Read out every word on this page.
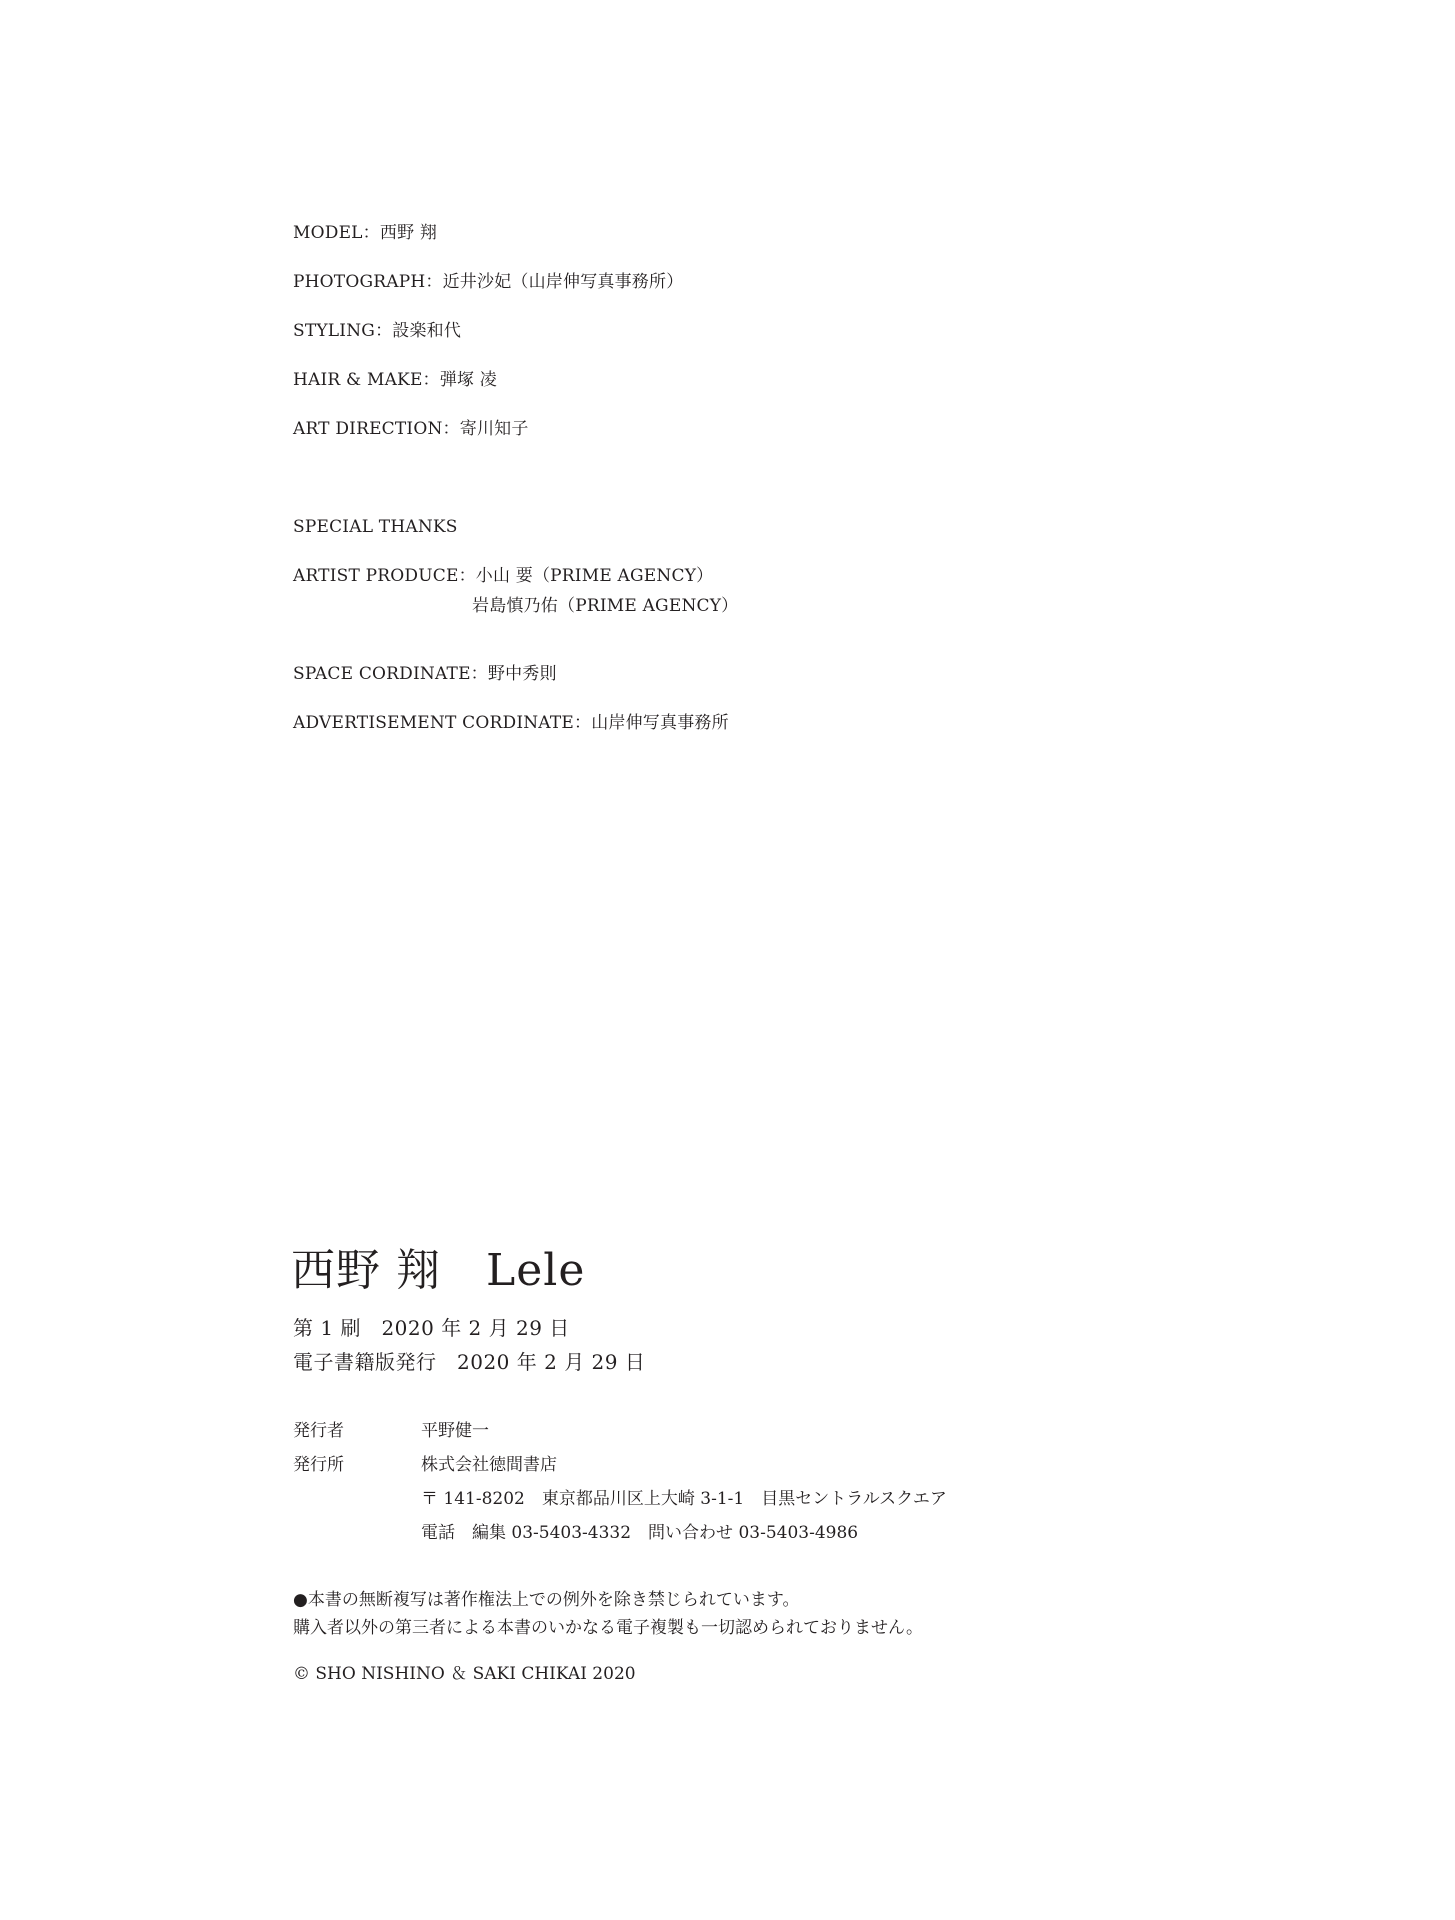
MODEL：西野 翔
PHOTOGRAPH：近井沙妃（山岸伸写真事務所）
STYLING：設楽和代
HAIR & MAKE：弾塚 凌
ART DIRECTION：寄川知子
SPECIAL THANKS
ARTIST PRODUCE：小山 要（PRIME AGENCY）
岩島慎乃佑（PRIME AGENCY）
SPACE CORDINATE：野中秀則
ADVERTISEMENT CORDINATE：山岸伸写真事務所
西野 翔　Lele
第 1 刷　2020 年 2 月 29 日
電子書籍版発行　2020 年 2 月 29 日
発行者	平野健一
発行所	株式会社徳間書店
〒 141-8202　東京都品川区上大崎 3-1-1　目黒セントラルスクエア
電話　編集 03-5403-4332　問い合わせ 03-5403-4986
●本書の無断複写は著作権法上での例外を除き禁じられています。
購入者以外の第三者による本書のいかなる電子複製も一切認められておりません。
© SHO NISHINO ＆ SAKI CHIKAI 2020
